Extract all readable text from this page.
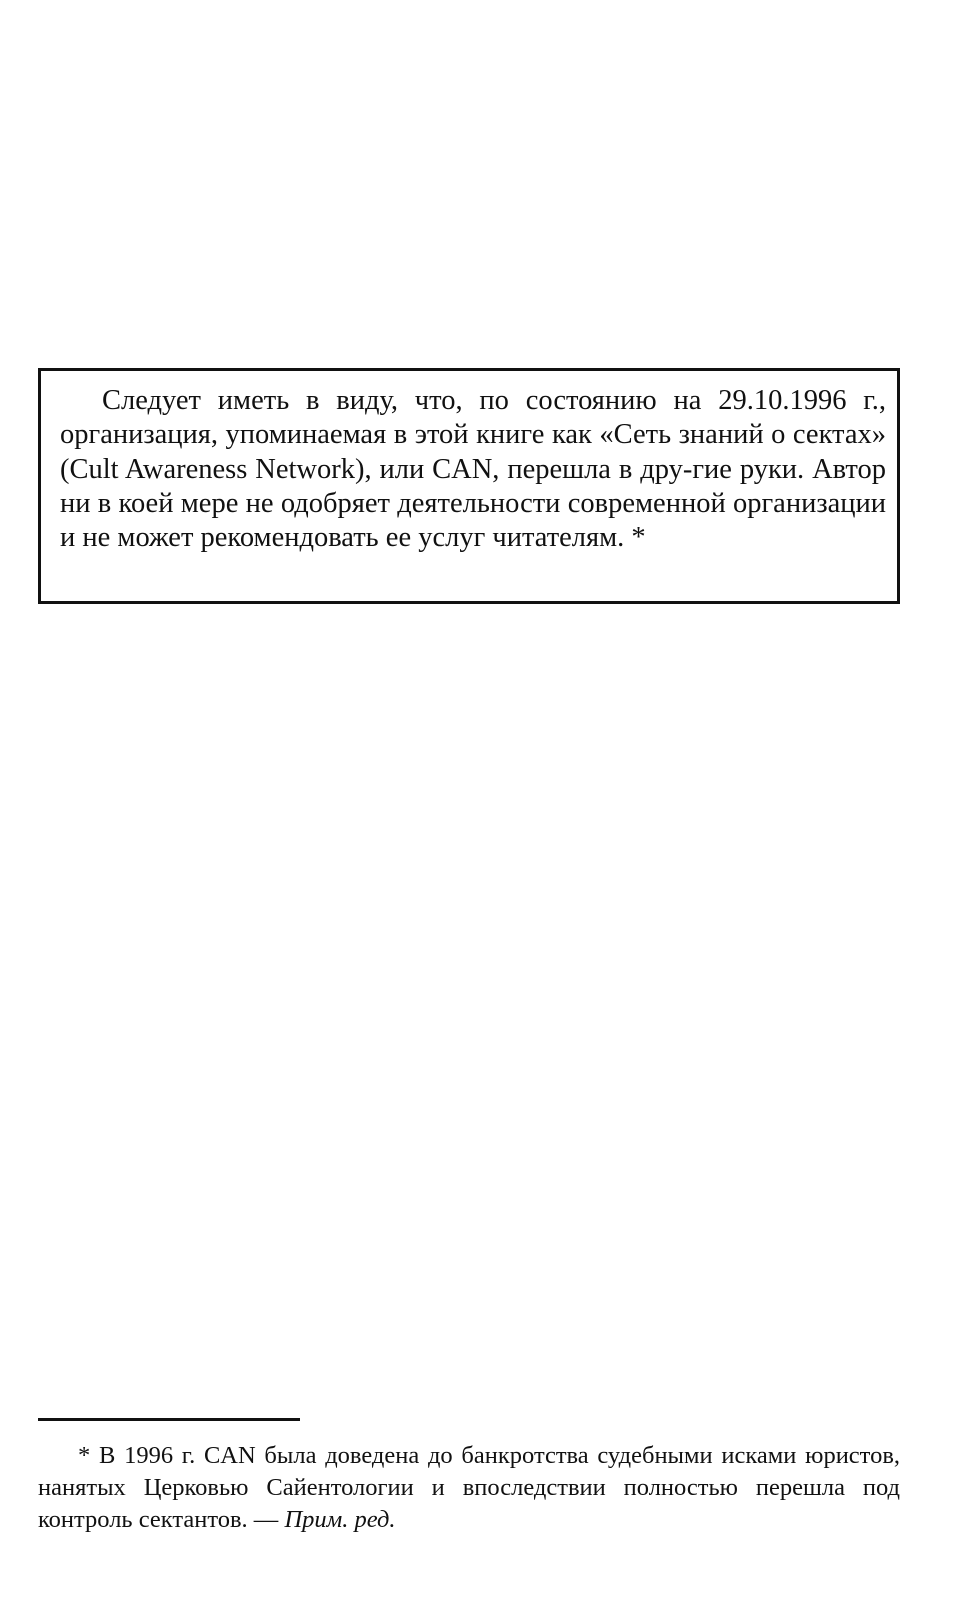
Следует иметь в виду, что, по состоянию на 29.10.1996 г., организация, упоминаемая в этой книге как «Сеть знаний о сектах» (Cult Awareness Network), или CAN, перешла в дру-гие руки. Автор ни в коей мере не одобряет деятельности современной организации и не может рекомендовать ее услуг читателям. *

* В 1996 г. CAN была доведена до банкротства судебными исками юристов, нанятых Церковью Сайентологии и впоследствии полностью перешла под контроль сектантов. — Прим. ред.
